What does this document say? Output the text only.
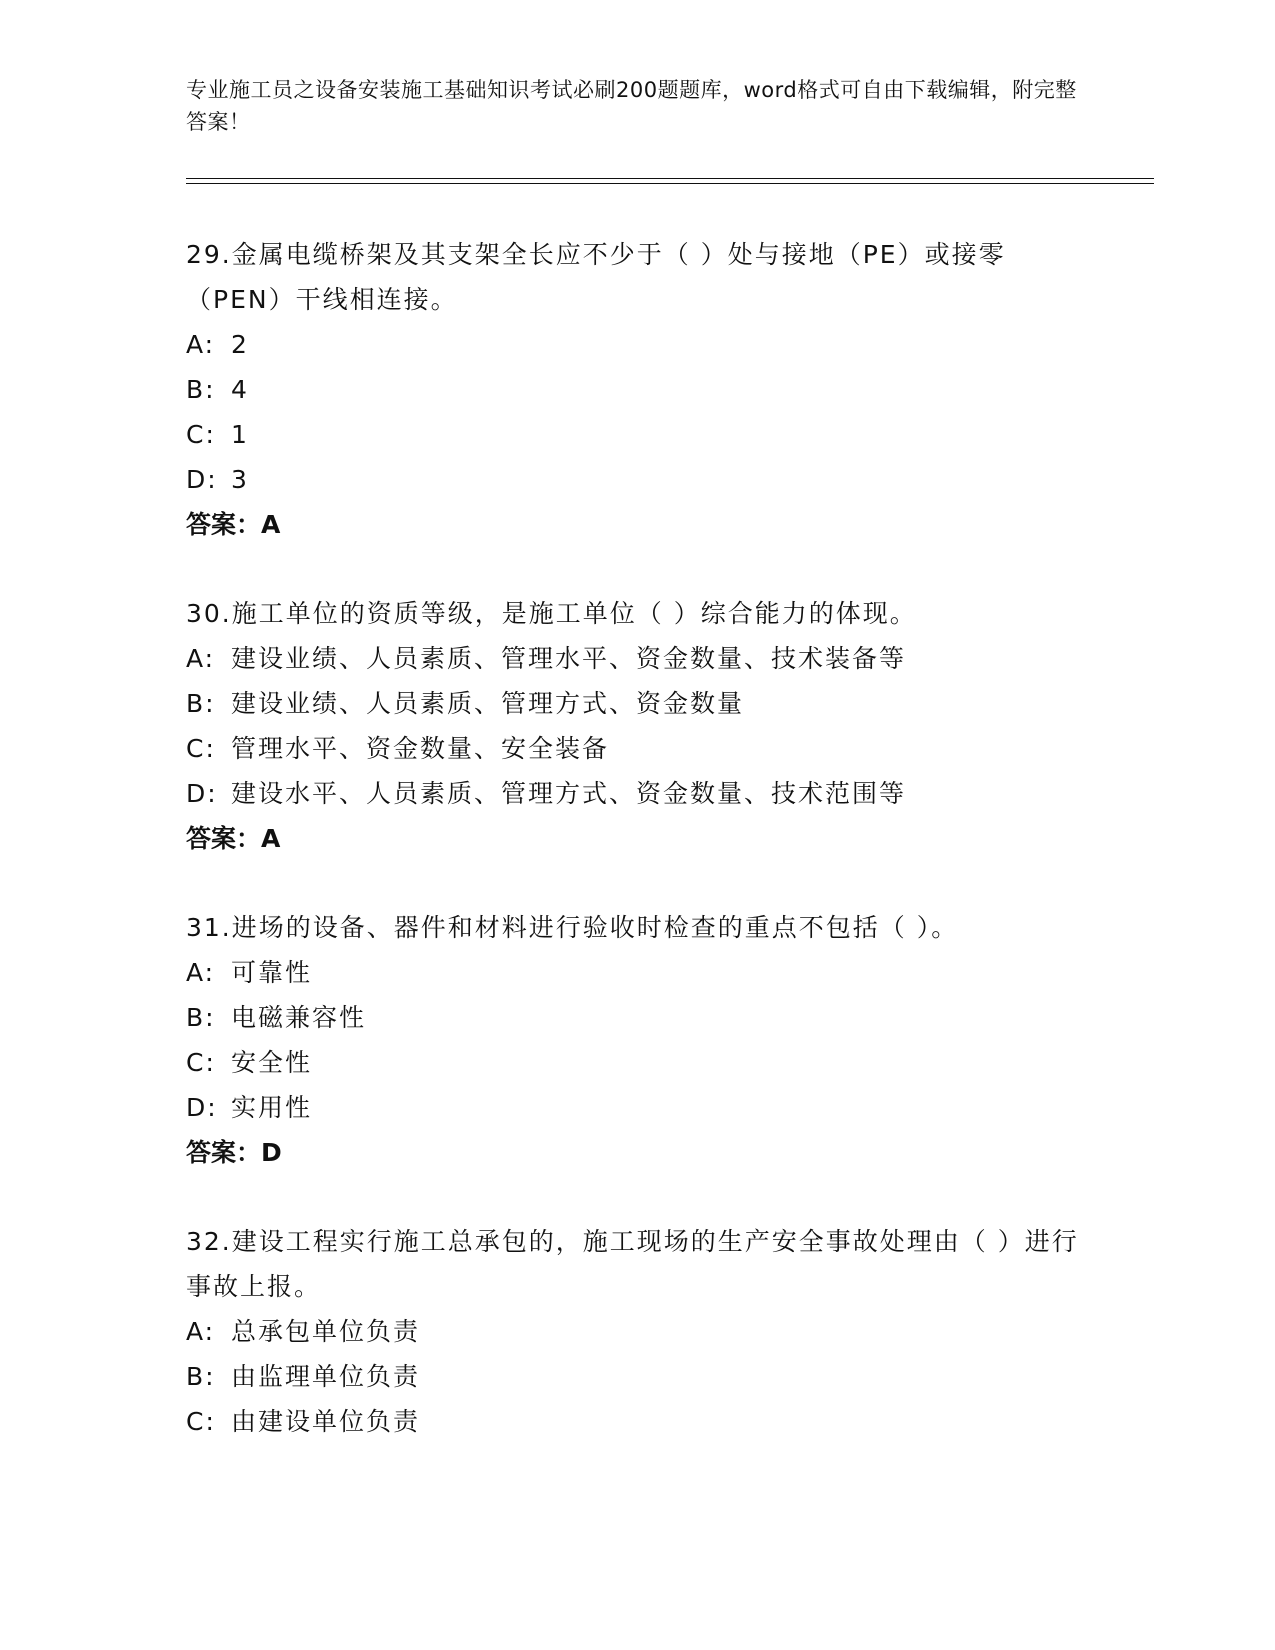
专业施工员之设备安装施工基础知识考试必刷200题题库，word格式可自由下载编辑，附完整答案！

29.金属电缆桥架及其支架全长应不少于（ ）处与接地（PE）或接零（PEN）干线相连接。

A: 2
B: 4
C: 1
D: 3
答案：A

30.施工单位的资质等级，是施工单位（ ）综合能力的体现。

A: 建设业绩、人员素质、管理水平、资金数量、技术装备等
B: 建设业绩、人员素质、管理方式、资金数量
C: 管理水平、资金数量、安全装备
D: 建设水平、人员素质、管理方式、资金数量、技术范围等
答案：A

31.进场的设备、器件和材料进行验收时检查的重点不包括（ ）。

A: 可靠性
B: 电磁兼容性
C: 安全性
D: 实用性
答案：D

32.建设工程实行施工总承包的，施工现场的生产安全事故处理由（ ）进行事故上报。

A: 总承包单位负责
B: 由监理单位负责
C: 由建设单位负责
